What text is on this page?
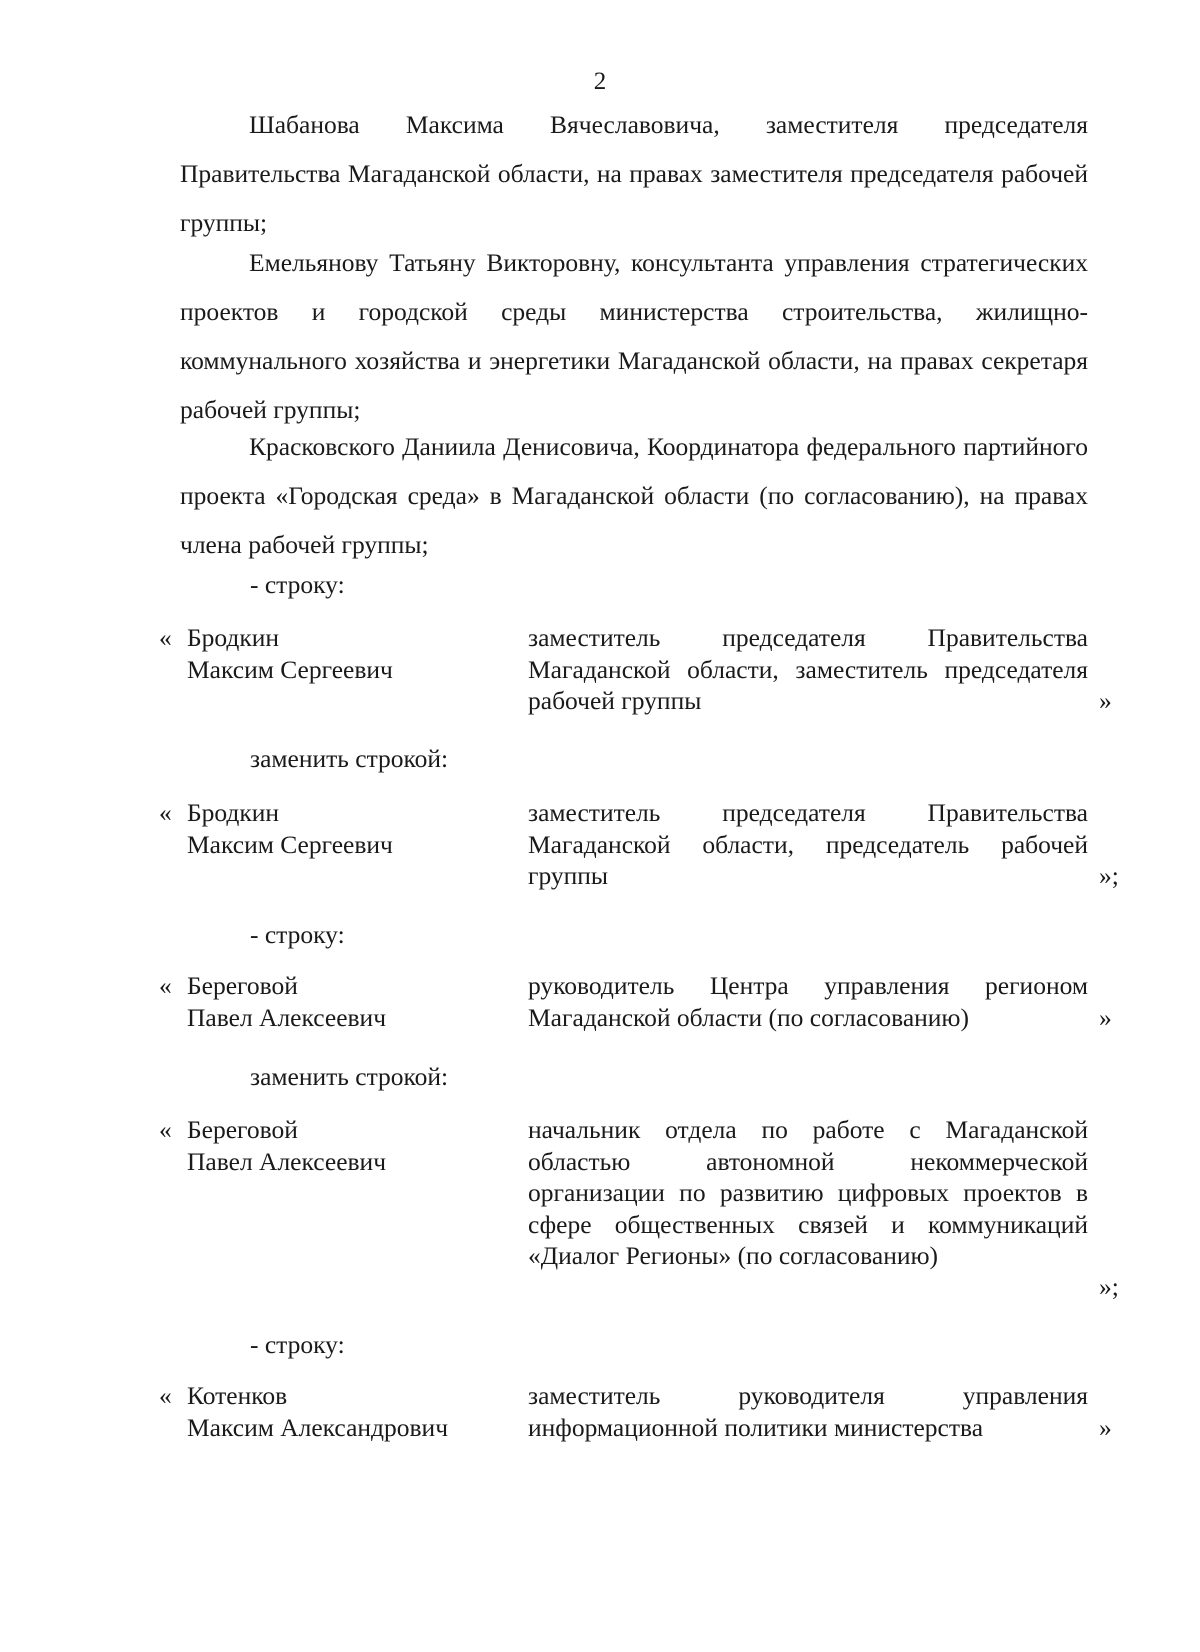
2

Шабанова Максима Вячеславовича, заместителя председателя Правительства Магаданской области, на правах заместителя председателя рабочей группы;

Емельянову Татьяну Викторовну, консультанта управления стратегических проектов и городской среды министерства строительства, жилищно-коммунального хозяйства и энергетики Магаданской области, на правах секретаря рабочей группы;

Красковского Даниила Денисовича, Координатора федерального партийного проекта «Городская среда» в Магаданской области (по согласованию), на правах члена рабочей группы;

- строку:
« Бродкин
Максим Сергеевич
заместитель председателя Правительства Магаданской области, заместитель председателя рабочей группы	»
заменить строкой:
« Бродкин
Максим Сергеевич
заместитель председателя Правительства Магаданской области, председатель рабочей группы	»;
- строку:
« Береговой
Павел Алексеевич
руководитель Центра управления регионом Магаданской области (по согласованию)	»
заменить строкой:
« Береговой
Павел Алексеевич
начальник отдела по работе с Магаданской областью автономной некоммерческой организации по развитию цифровых проектов в сфере общественных связей и коммуникаций «Диалог Регионы» (по согласованию)
»;
- строку:
« Котенков
Максим Александрович
заместитель руководителя управления информационной политики министерства	»
